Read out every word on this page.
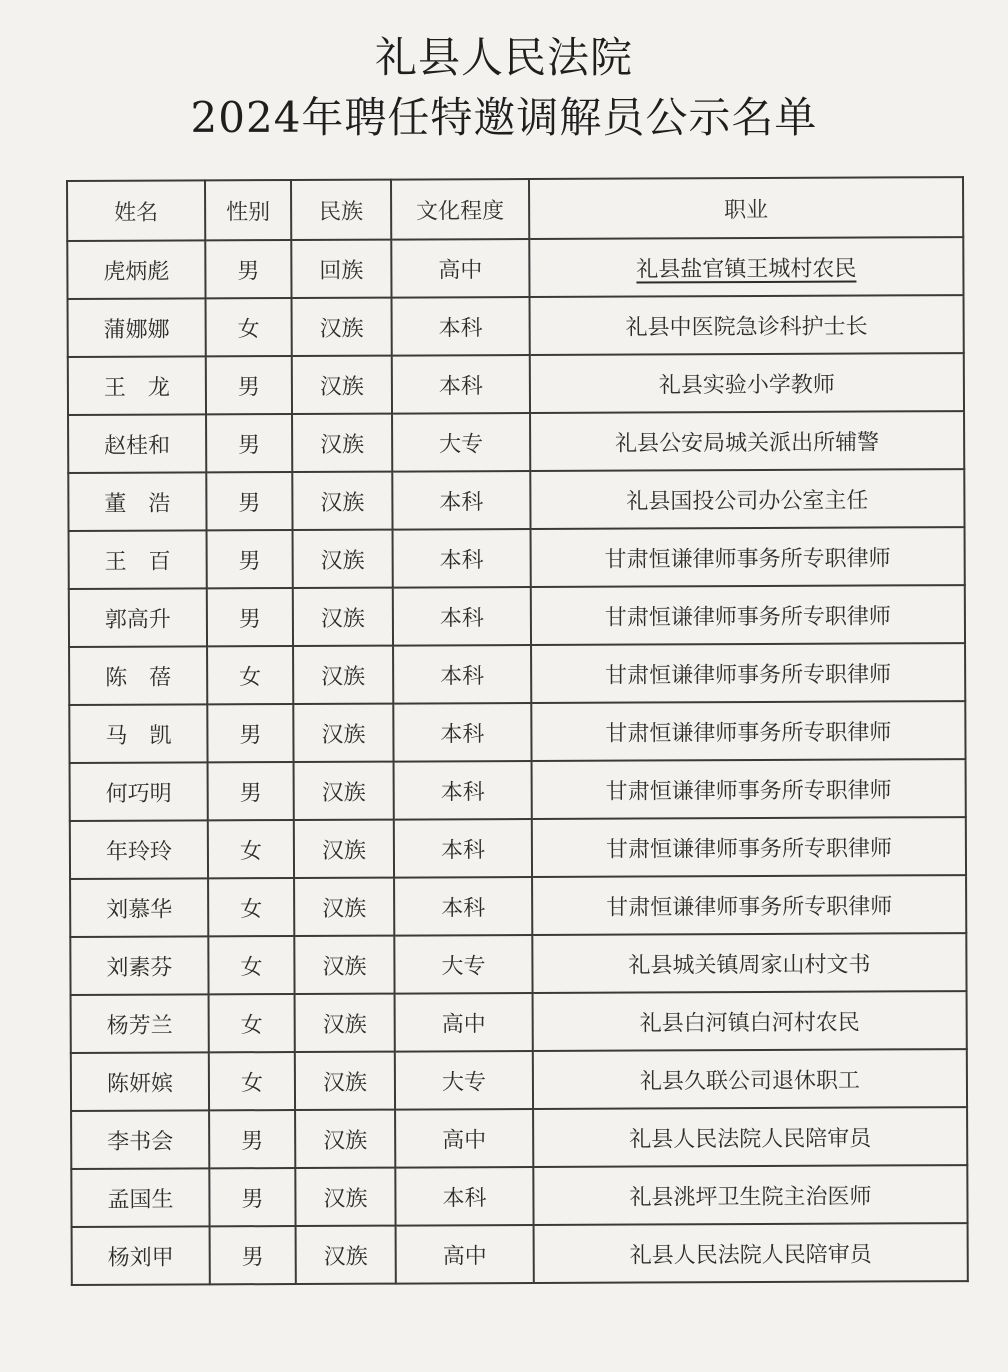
礼县人民法院
2024年聘任特邀调解员公示名单
姓名	性别	民族	文化程度	职业
虎炳彪	男	回族	高中	礼县盐官镇王城村农民
蒲娜娜	女	汉族	本科	礼县中医院急诊科护士长
王　龙	男	汉族	本科	礼县实验小学教师
赵桂和	男	汉族	大专	礼县公安局城关派出所辅警
董　浩	男	汉族	本科	礼县国投公司办公室主任
王　百	男	汉族	本科	甘肃恒谦律师事务所专职律师
郭高升	男	汉族	本科	甘肃恒谦律师事务所专职律师
陈　蓓	女	汉族	本科	甘肃恒谦律师事务所专职律师
马　凯	男	汉族	本科	甘肃恒谦律师事务所专职律师
何巧明	男	汉族	本科	甘肃恒谦律师事务所专职律师
年玲玲	女	汉族	本科	甘肃恒谦律师事务所专职律师
刘慕华	女	汉族	本科	甘肃恒谦律师事务所专职律师
刘素芬	女	汉族	大专	礼县城关镇周家山村文书
杨芳兰	女	汉族	高中	礼县白河镇白河村农民
陈妍嫔	女	汉族	大专	礼县久联公司退休职工
李书会	男	汉族	高中	礼县人民法院人民陪审员
孟国生	男	汉族	本科	礼县洮坪卫生院主治医师
杨刘甲	男	汉族	高中	礼县人民法院人民陪审员
